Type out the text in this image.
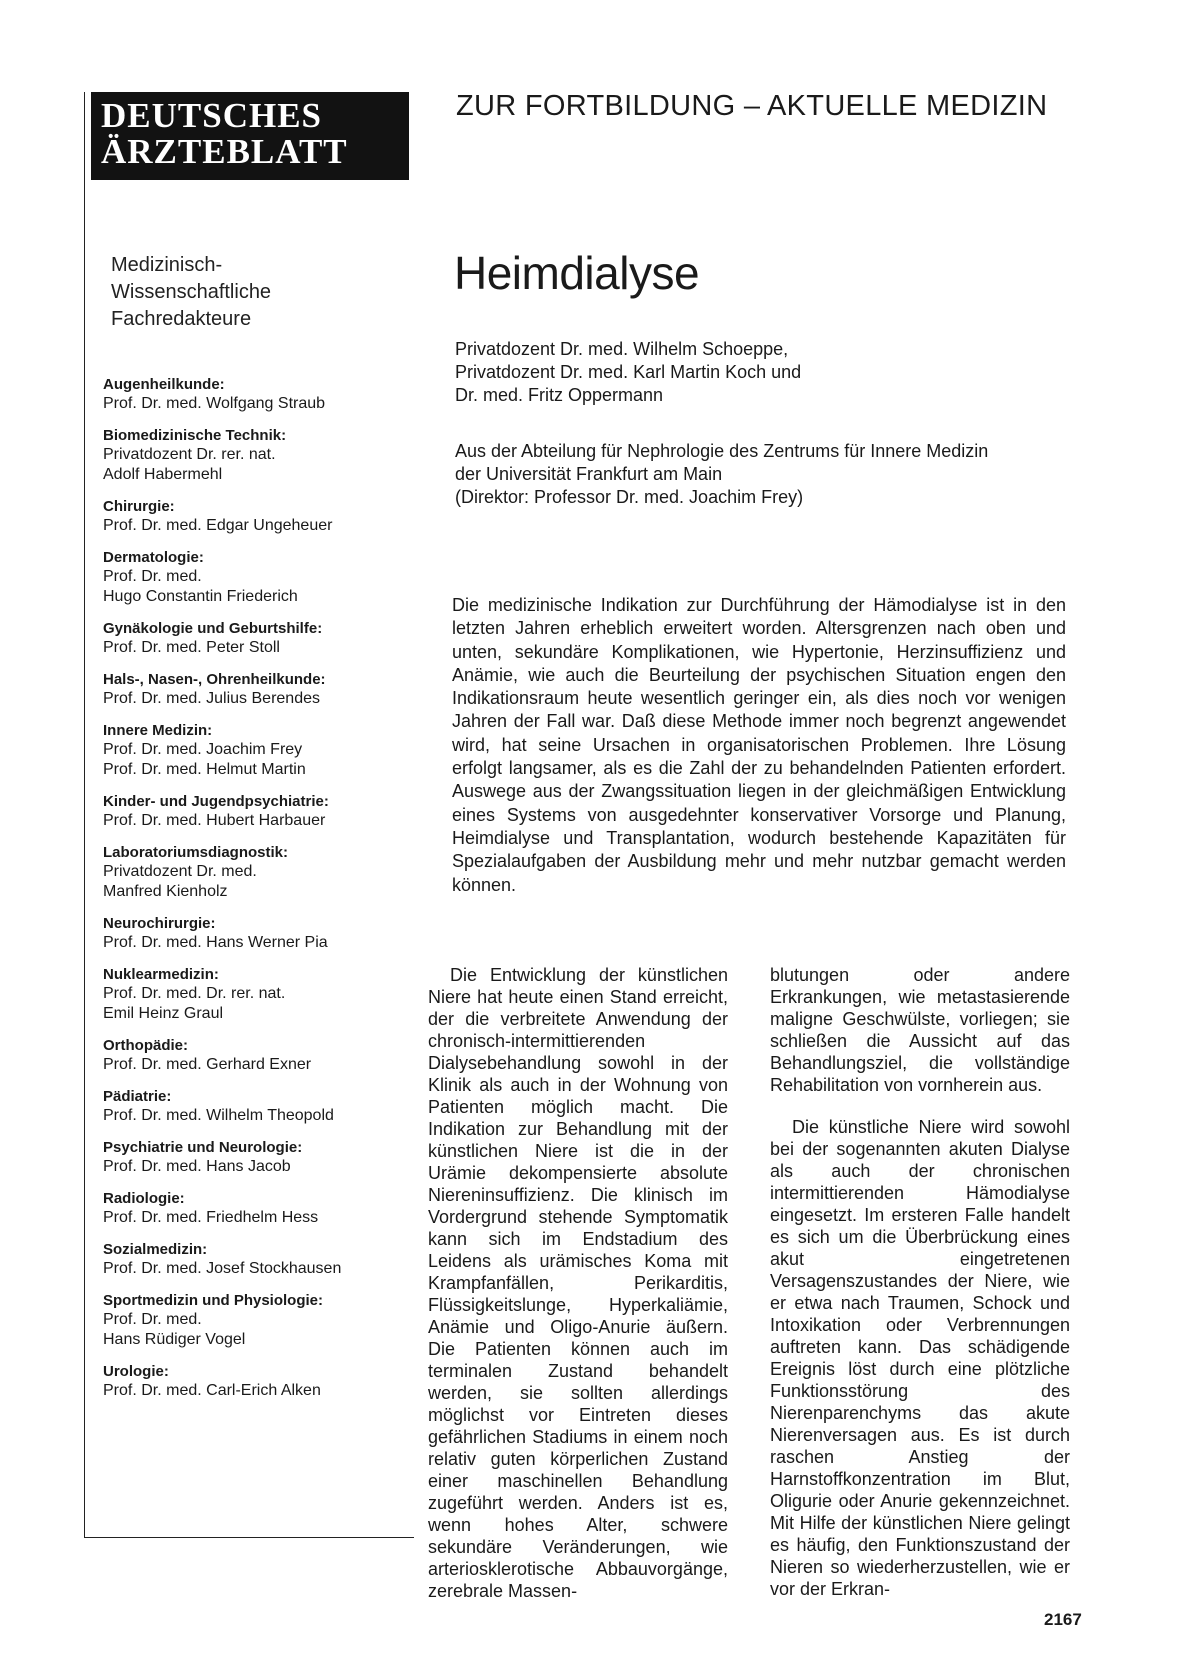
DEUTSCHES
ÄRZTEBLATT
Medizinisch-
Wissenschaftliche
Fachredakteure
Augenheilkunde:
Prof. Dr. med. Wolfgang Straub
Biomedizinische Technik:
Privatdozent Dr. rer. nat.
Adolf Habermehl
Chirurgie:
Prof. Dr. med. Edgar Ungeheuer
Dermatologie:
Prof. Dr. med.
Hugo Constantin Friederich
Gynäkologie und Geburtshilfe:
Prof. Dr. med. Peter Stoll
Hals-, Nasen-, Ohrenheilkunde:
Prof. Dr. med. Julius Berendes
Innere Medizin:
Prof. Dr. med. Joachim Frey
Prof. Dr. med. Helmut Martin
Kinder- und Jugendpsychiatrie:
Prof. Dr. med. Hubert Harbauer
Laboratoriumsdiagnostik:
Privatdozent Dr. med.
Manfred Kienholz
Neurochirurgie:
Prof. Dr. med. Hans Werner Pia
Nuklearmedizin:
Prof. Dr. med. Dr. rer. nat.
Emil Heinz Graul
Orthopädie:
Prof. Dr. med. Gerhard Exner
Pädiatrie:
Prof. Dr. med. Wilhelm Theopold
Psychiatrie und Neurologie:
Prof. Dr. med. Hans Jacob
Radiologie:
Prof. Dr. med. Friedhelm Hess
Sozialmedizin:
Prof. Dr. med. Josef Stockhausen
Sportmedizin und Physiologie:
Prof. Dr. med.
Hans Rüdiger Vogel
Urologie:
Prof. Dr. med. Carl-Erich Alken
ZUR FORTBILDUNG – AKTUELLE MEDIZIN
Heimdialyse
Privatdozent Dr. med. Wilhelm Schoeppe,
Privatdozent Dr. med. Karl Martin Koch und
Dr. med. Fritz Oppermann
Aus der Abteilung für Nephrologie des Zentrums für Innere Medizin
der Universität Frankfurt am Main
(Direktor: Professor Dr. med. Joachim Frey)

Die medizinische Indikation zur Durchführung der Hämodialyse ist in den letzten Jahren erheblich erweitert worden. Altersgrenzen nach oben und unten, sekundäre Komplikationen, wie Hypertonie, Herzinsuffizienz und Anämie, wie auch die Beurteilung der psychischen Situation engen den Indikationsraum heute wesentlich geringer ein, als dies noch vor wenigen Jahren der Fall war. Daß diese Methode immer noch begrenzt angewendet wird, hat seine Ursachen in organisatorischen Problemen. Ihre Lösung erfolgt langsamer, als es die Zahl der zu behandelnden Patienten erfordert. Auswege aus der Zwangssituation liegen in der gleichmäßigen Entwicklung eines Systems von ausgedehnter konservativer Vorsorge und Planung, Heimdialyse und Transplantation, wodurch bestehende Kapazitäten für Spezialaufgaben der Ausbildung mehr und mehr nutzbar gemacht werden können.

Die Entwicklung der künstlichen Niere hat heute einen Stand erreicht, der die verbreitete Anwendung der chronisch-intermittierenden Dialysebehandlung sowohl in der Klinik als auch in der Wohnung von Patienten möglich macht. Die Indikation zur Behandlung mit der künstlichen Niere ist die in der Urämie dekompensierte absolute Niereninsuffizienz. Die klinisch im Vordergrund stehende Symptomatik kann sich im Endstadium des Leidens als urämisches Koma mit Krampfanfällen, Perikarditis, Flüssigkeitslunge, Hyperkaliämie, Anämie und Oligo-Anurie äußern. Die Patienten können auch im terminalen Zustand behandelt werden, sie sollten allerdings möglichst vor Eintreten dieses gefährlichen Stadiums in einem noch relativ guten körperlichen Zustand einer maschinellen Behandlung zugeführt werden. Anders ist es, wenn hohes Alter, schwere sekundäre Veränderungen, wie arteriosklerotische Abbauvorgänge, zerebrale Massen-

blutungen oder andere Erkrankungen, wie metastasierende maligne Geschwülste, vorliegen; sie schließen die Aussicht auf das Behandlungsziel, die vollständige Rehabilitation von vornherein aus.

Die künstliche Niere wird sowohl bei der sogenannten akuten Dialyse als auch der chronischen intermittierenden Hämodialyse eingesetzt. Im ersteren Falle handelt es sich um die Überbrückung eines akut eingetretenen Versagenszustandes der Niere, wie er etwa nach Traumen, Schock und Intoxikation oder Verbrennungen auftreten kann. Das schädigende Ereignis löst durch eine plötzliche Funktionsstörung des Nierenparenchyms das akute Nierenversagen aus. Es ist durch raschen Anstieg der Harnstoffkonzentration im Blut, Oligurie oder Anurie gekennzeichnet. Mit Hilfe der künstlichen Niere gelingt es häufig, den Funktionszustand der Nieren so wiederherzustellen, wie er vor der Erkran-

2167
